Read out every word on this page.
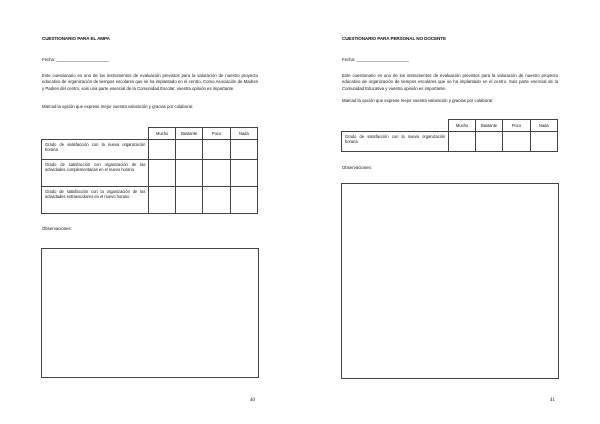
CUESTIONARIO PARA EL AMPA
Fecha: ______________________
Este cuestionario es uno de los instrumentos de evaluación previstos para la valoración de nuestro proyecto educativo de organización de tiempos escolares que se ha implantado en el centro. Como Asociación de Madres y Padres del centro, sois una parte esencial de la Comunidad Escolar, vuestra opinión es importante.
Marcad la opción que exprese mejor vuestra valoración y gracias por colaborar.
	Mucho	Bastante	Poco	Nada
Grado de satisfacción con la nueva organización horaria				
Grado de satisfacción con organización de las actividades complementarias en el nuevo horario				
Grado de satisfacción con la organización de las actividades extraescolares en el nuevo horario				
Observaciones:
40
CUESTIONARIO PARA PERSONAL NO DOCENTE
Fecha: ______________________
Este cuestionario es uno de los instrumentos de evaluación previstos para la valoración de nuestro proyecto educativo de organización de tiempos escolares que se ha implantado en el centro. Sois parte esencial de la Comunidad Educativa y vuestra opinión es importante.
Marcad la opción que exprese mejor vuestra valoración y gracias por colaborar.
	Mucho	Bastante	Poco	Nada
Grado de satisfacción con la nueva organización horaria				
Observaciones:
41
